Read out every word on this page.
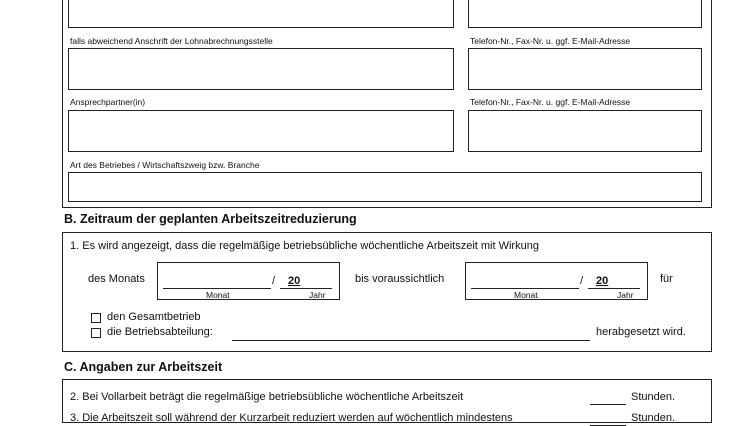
falls abweichend Anschrift der Lohnabrechnungsstelle	Telefon-Nr., Fax-Nr. u. ggf. E-Mail-Adresse
Ansprechpartner(in)	Telefon-Nr., Fax-Nr. u. ggf. E-Mail-Adresse
Art des Betriebes / Wirtschaftszweig bzw. Branche
B. Zeitraum der geplanten Arbeitszeitreduzierung
1. Es wird angezeigt, dass die regelmäßige betriebsübliche wöchentliche Arbeitszeit mit Wirkung
des Monats	/ 20
Monat	Jahr
bis voraussichtlich	/ 20
Monat	Jahr
für
den Gesamtbetrieb
die Betriebsabteilung:	herabgesetzt wird.
C. Angaben zur Arbeitszeit
2. Bei Vollarbeit beträgt die regelmäßige betriebsübliche wöchentliche Arbeitszeit	Stunden.
3. Die Arbeitszeit soll während der Kurzarbeit reduziert werden auf wöchentlich mindestens	Stunden.
